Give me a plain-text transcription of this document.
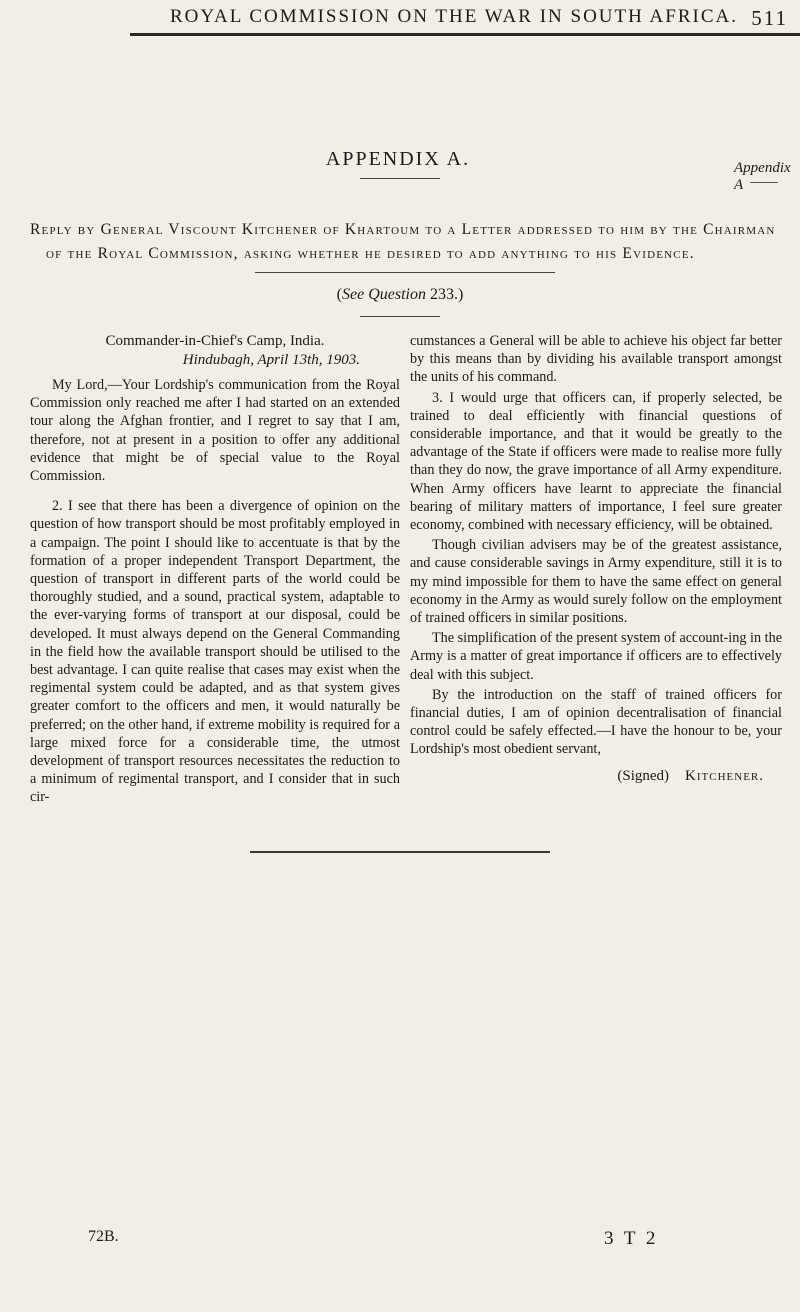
ROYAL COMMISSION ON THE WAR IN SOUTH AFRICA. 511
APPENDIX A.	Appendix A
Reply by General Viscount Kitchener of Khartoum to a Letter addressed to him by the Chairman
of the Royal Commission, asking whether he desired to add anything to his Evidence.
(See Question 233.)
Commander-in-Chief's Camp, India.
Hindubagh, April 13th, 1903.

My Lord,—Your Lordship's communication from the Royal Commission only reached me after I had started on an extended tour along the Afghan frontier, and I regret to say that I am, therefore, not at present in a position to offer any additional evidence that might be of special value to the Royal Commission.

2. I see that there has been a divergence of opinion on the question of how transport should be most profitably employed in a campaign. The point I should like to accentuate is that by the formation of a proper independent Transport Department, the question of transport in different parts of the world could be thoroughly studied, and a sound, practical system, adaptable to the ever-varying forms of transport at our disposal, could be developed. It must always depend on the General Commanding in the field how the available transport should be utilised to the best advantage. I can quite realise that cases may exist when the regimental system could be adapted, and as that system gives greater comfort to the officers and men, it would naturally be preferred; on the other hand, if extreme mobility is required for a large mixed force for a considerable time, the utmost development of transport resources necessitates the reduction to a minimum of regimental transport, and I consider that in such cir-

cumstances a General will be able to achieve his object far better by this means than by dividing his available transport amongst the units of his command.

3. I would urge that officers can, if properly selected, be trained to deal efficiently with financial questions of considerable importance, and that it would be greatly to the advantage of the State if officers were made to realise more fully than they do now, the grave importance of all Army expenditure. When Army officers have learnt to appreciate the financial bearing of military matters of importance, I feel sure greater economy, combined with necessary efficiency, will be obtained.

Though civilian advisers may be of the greatest assistance, and cause considerable savings in Army expenditure, still it is to my mind impossible for them to have the same effect on general economy in the Army as would surely follow on the employment of trained officers in similar positions.

The simplification of the present system of account-ing in the Army is a matter of great importance if officers are to effectively deal with this subject.

By the introduction on the staff of trained officers for financial duties, I am of opinion decentralisation of financial control could be safely effected.—I have the honour to be, your Lordship's most obedient servant,

(Signed) Kitchener.
72B.	3 T 2
